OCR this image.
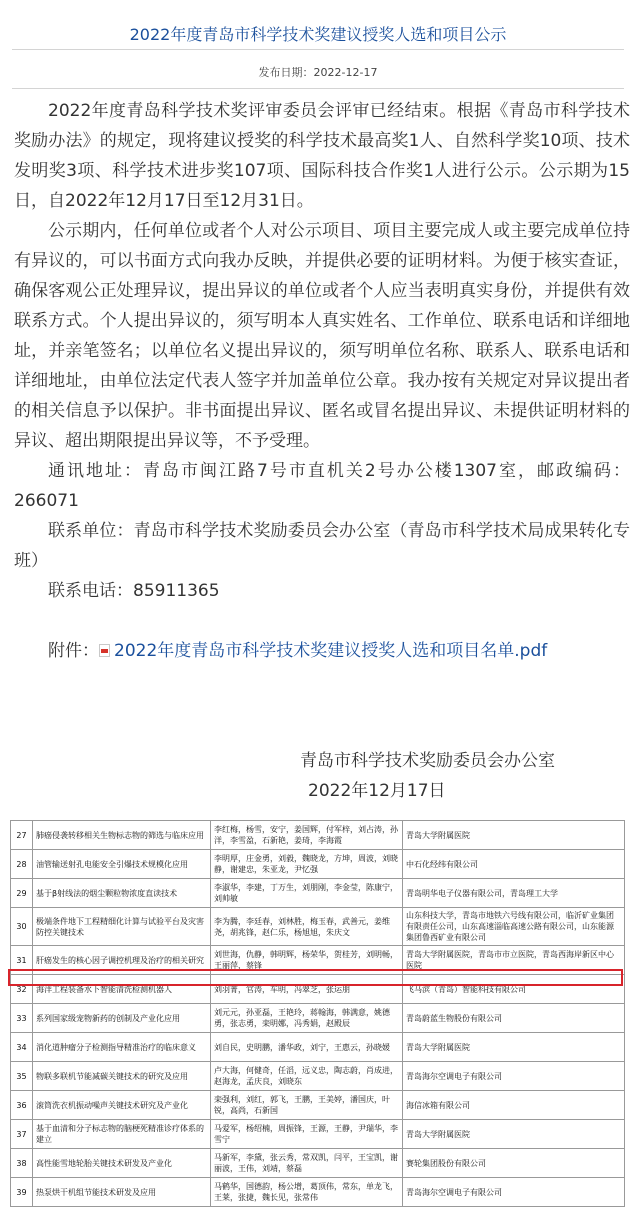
2022年度青岛市科学技术奖建议授奖人选和项目公示
发布日期：2022-12-17

2022年度青岛科学技术奖评审委员会评审已经结束。根据《青岛市科学技术奖励办法》的规定，现将建议授奖的科学技术最高奖1人、自然科学奖10项、技术发明奖3项、科学技术进步奖107项、国际科技合作奖1人进行公示。公示期为15日，自2022年12月17日至12月31日。

公示期内，任何单位或者个人对公示项目、项目主要完成人或主要完成单位持有异议的，可以书面方式向我办反映，并提供必要的证明材料。为便于核实查证，确保客观公正处理异议，提出异议的单位或者个人应当表明真实身份，并提供有效联系方式。个人提出异议的，须写明本人真实姓名、工作单位、联系电话和详细地址，并亲笔签名；以单位名义提出异议的，须写明单位名称、联系人、联系电话和详细地址，由单位法定代表人签字并加盖单位公章。我办按有关规定对异议提出者的相关信息予以保护。非书面提出异议、匿名或冒名提出异议、未提供证明材料的异议、超出期限提出异议等，不予受理。

通讯地址：青岛市闽江路7号市直机关2号办公楼1307室，邮政编码：266071

联系单位：青岛市科学技术奖励委员会办公室（青岛市科学技术局成果转化专班）

联系电话：85911365

附件： 2022年度青岛市科学技术奖建议授奖人选和项目名单.pdf

青岛市科学技术奖励委员会办公室
2022年12月17日
27	肺癌侵袭转移相关生物标志物的筛选与临床应用	李红梅，杨雪，安宁，姜国辉，付军梓，刘占涛，孙洋，李雪盈，石新艳，姜琦，李海霞	青岛大学附属医院
28	油管输送射孔电能安全引爆技术规模化应用	李明厚，庄金勇，刘毅，魏晓龙，方坤，周波，刘晓静，谢建忠，朱亚龙，尹忆强	中石化经纬有限公司
29	基于β射线法的烟尘颗粒物浓度直读技术	李淑华，李建，丁万生，刘朋刚，李金莹，陈康宁，刘帅敏	青岛明华电子仪器有限公司，青岛理工大学
30	极端条件地下工程精细化计算与试验平台及灾害防控关键技术	李为腾，李廷春，刘林胜，梅玉春，武善元，姜维尧，胡兆锋，赵仁乐，杨旭旭，朱庆文	山东科技大学，青岛市地铁六号线有限公司，临沂矿业集团有限责任公司，山东高速淄临高速公路有限公司，山东能源集团鲁西矿业有限公司
31	肝癌发生的核心因子调控机理及治疗的相关研究	刘世海，仇静，韩明辉，杨荣华，贺桂芳，刘明畅，王丽萍，蔡锋	青岛大学附属医院，青岛市市立医院，青岛西海岸新区中心医院
32	海洋工程装备水下智能清洗检测机器人	刘羽菁，官涛，车明，冯翠芝，张运朋	飞马滨（青岛）智能科技有限公司
33	系列国家级宠物新药的创制及产业化应用	刘元元，孙亚磊，王艳玲，蒋翰海，韩满意，姚德勇，张志勇，栾明娜，冯秀娟，赵殿辰	青岛蔚蓝生物股份有限公司
34	消化道肿瘤分子检测指导精准治疗的临床意义	刘自民，史明鹏，潘华政，刘宁，王惠云，孙晓媛	青岛大学附属医院
35	物联多联机节能减碳关键技术的研究及应用	卢大海，何健奇，任滔，远义忠，陶志蔚，肖成进，赵海龙，孟庆良，刘晓东	青岛海尔空调电子有限公司
36	滚筒洗衣机振动噪声关键技术研究及产业化	栾强利，刘红，郭飞，王鹏，王美婷，潘国庆，叶锐，高尚，石新国	海信冰箱有限公司
37	基于血清和分子标志物的脑梗死精准诊疗体系的建立	马爱军，杨绍楠，周振锋，王源，王静，尹瑞华，李雪宁	青岛大学附属医院
38	高性能雪地轮胎关键技术研发及产业化	马新军，李黛，张云秀，常双凯，闫平，王宝凯，谢丽波，王伟，刘靖，蔡磊	赛轮集团股份有限公司
39	热泵烘干机组节能技术研发及应用	马鹤华，国德韵，杨公增，葛顶伟，常东，单龙飞，王莱，张捷，魏长见，张常伟	青岛海尔空调电子有限公司
